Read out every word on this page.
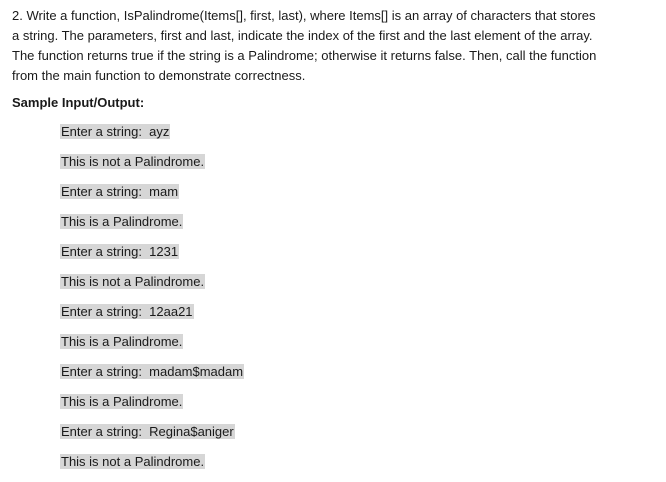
2. Write a function, IsPalindrome(Items[], first, last), where Items[] is an array of characters that stores
a string. The parameters, first and last, indicate the index of the first and the last element of the array.
The function returns true if the string is a Palindrome; otherwise it returns false. Then, call the function
from the main function to demonstrate correctness.
Sample Input/Output:
Enter a string:  ayz
This is not a Palindrome.
Enter a string:  mam
This is a Palindrome.
Enter a string:  1231
This is not a Palindrome.
Enter a string:  12aa21
This is a Palindrome.
Enter a string:  madam$madam
This is a Palindrome.
Enter a string:  Regina$aniger
This is not a Palindrome.
